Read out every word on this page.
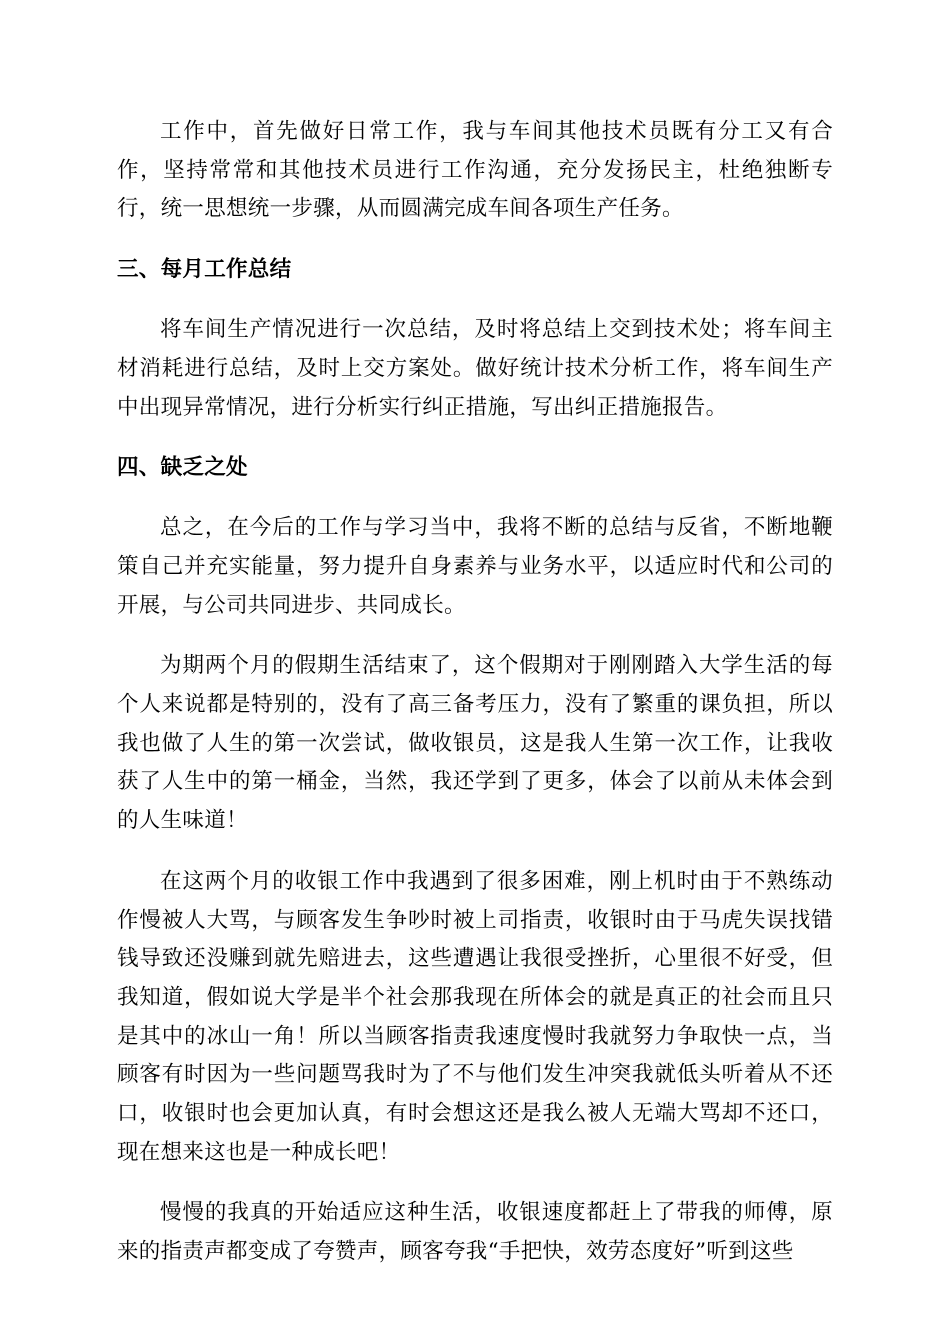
工作中，首先做好日常工作，我与车间其他技术员既有分工又有合作，坚持常常和其他技术员进行工作沟通，充分发扬民主，杜绝独断专行，统一思想统一步骤，从而圆满完成车间各项生产任务。

三、每月工作总结

将车间生产情况进行一次总结，及时将总结上交到技术处；将车间主材消耗进行总结，及时上交方案处。做好统计技术分析工作，将车间生产中出现异常情况，进行分析实行纠正措施，写出纠正措施报告。

四、缺乏之处

总之，在今后的工作与学习当中，我将不断的总结与反省，不断地鞭策自己并充实能量，努力提升自身素养与业务水平，以适应时代和公司的开展，与公司共同进步、共同成长。

为期两个月的假期生活结束了，这个假期对于刚刚踏入大学生活的每个人来说都是特别的，没有了高三备考压力，没有了繁重的课负担，所以我也做了人生的第一次尝试，做收银员，这是我人生第一次工作，让我收获了人生中的第一桶金，当然，我还学到了更多，体会了以前从未体会到的人生味道！

在这两个月的收银工作中我遇到了很多困难，刚上机时由于不熟练动作慢被人大骂，与顾客发生争吵时被上司指责，收银时由于马虎失误找错钱导致还没赚到就先赔进去，这些遭遇让我很受挫折，心里很不好受，但我知道，假如说大学是半个社会那我现在所体会的就是真正的社会而且只是其中的冰山一角！所以当顾客指责我速度慢时我就努力争取快一点，当顾客有时因为一些问题骂我时为了不与他们发生冲突我就低头听着从不还口，收银时也会更加认真，有时会想这还是我么被人无端大骂却不还口，现在想来这也是一种成长吧！

慢慢的我真的开始适应这种生活，收银速度都赶上了带我的师傅，原来的指责声都变成了夸赞声，顾客夸我“手把快，效劳态度好”听到这些
